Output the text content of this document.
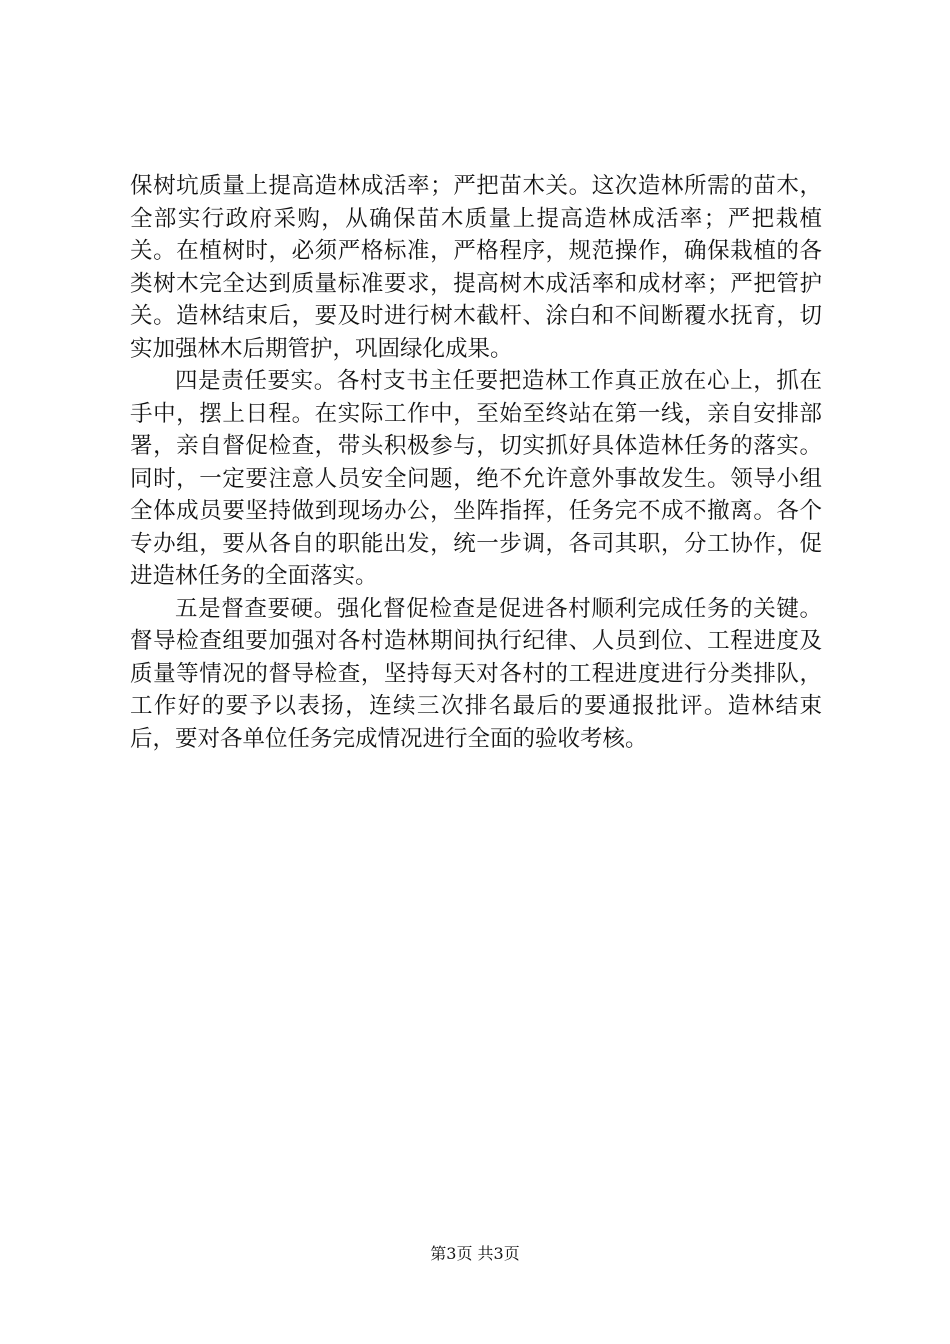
保树坑质量上提高造林成活率；严把苗木关。这次造林所需的苗木，全部实行政府采购，从确保苗木质量上提高造林成活率；严把栽植关。在植树时，必须严格标准，严格程序，规范操作，确保栽植的各类树木完全达到质量标准要求，提高树木成活率和成材率；严把管护关。造林结束后，要及时进行树木截杆、涂白和不间断覆水抚育，切实加强林木后期管护，巩固绿化成果。

四是责任要实。各村支书主任要把造林工作真正放在心上，抓在手中，摆上日程。在实际工作中，至始至终站在第一线，亲自安排部署，亲自督促检查，带头积极参与，切实抓好具体造林任务的落实。同时，一定要注意人员安全问题，绝不允许意外事故发生。领导小组全体成员要坚持做到现场办公，坐阵指挥，任务完不成不撤离。各个专办组，要从各自的职能出发，统一步调，各司其职，分工协作，促进造林任务的全面落实。

五是督查要硬。强化督促检查是促进各村顺利完成任务的关键。督导检查组要加强对各村造林期间执行纪律、人员到位、工程进度及质量等情况的督导检查，坚持每天对各村的工程进度进行分类排队，工作好的要予以表扬，连续三次排名最后的要通报批评。造林结束后，要对各单位任务完成情况进行全面的验收考核。

第3页 共3页
